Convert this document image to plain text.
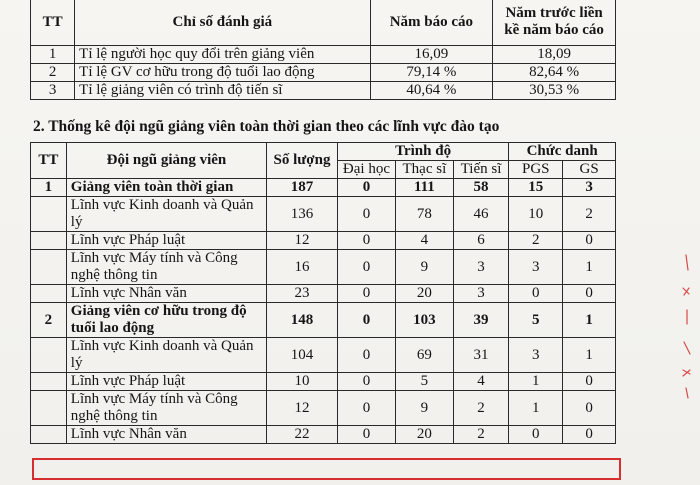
TT	Chỉ số đánh giá	Năm báo cáo	Năm trước liền kề năm báo cáo
1	Tỉ lệ người học quy đổi trên giảng viên	16,09	18,09
2	Tỉ lệ GV cơ hữu trong độ tuổi lao động	79,14 %	82,64 %
3	Tỉ lệ giảng viên có trình độ tiến sĩ	40,64 %	30,53 %
2. Thống kê đội ngũ giảng viên toàn thời gian theo các lĩnh vực đào tạo
TT	Đội ngũ giảng viên	Số lượng	Trình độ			Chức danh	
			Đại học	Thạc sĩ	Tiến sĩ	PGS	GS
1	Giảng viên toàn thời gian	187	0	111	58	15	3
	Lĩnh vực Kinh doanh và Quản lý	136	0	78	46	10	2
	Lĩnh vực Pháp luật	12	0	4	6	2	0
	Lĩnh vực Máy tính và Công nghệ thông tin	16	0	9	3	3	1
	Lĩnh vực Nhân văn	23	0	20	3	0	0
2	Giảng viên cơ hữu trong độ tuổi lao động	148	0	103	39	5	1
	Lĩnh vực Kinh doanh và Quản lý	104	0	69	31	3	1
	Lĩnh vực Pháp luật	10	0	5	4	1	0
	Lĩnh vực Máy tính và Công nghệ thông tin	12	0	9	2	1	0
	Lĩnh vực Nhân văn	22	0	20	2	0	0
